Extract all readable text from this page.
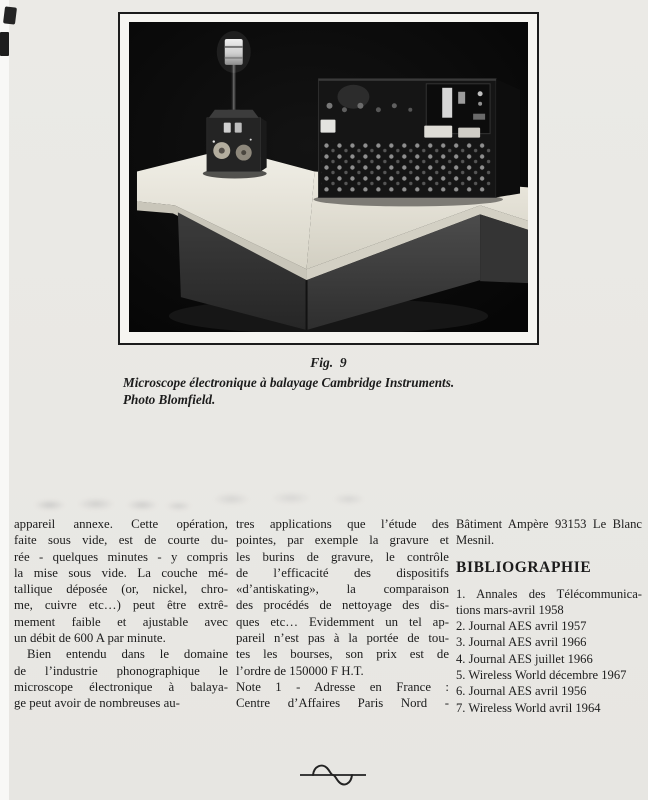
Fig.  9
Microscope électronique à balayage Cambridge Instruments.
Photo Blomfield.
appareil annexe. Cette opération,
faite sous vide, est de courte du-
rée - quelques minutes - y compris
la mise sous vide. La couche mé-
tallique déposée (or, nickel, chro-
me, cuivre etc…) peut être extrê-
mement faible et ajustable avec
un débit de 600 A par minute.
Bien entendu dans le domaine
de l’industrie phonographique le
microscope électronique à balaya-
ge peut avoir de nombreuses au-
tres applications que l’étude des
pointes, par exemple la gravure et
les burins de gravure, le contrôle
de l’efficacité des dispositifs
«d’antiskating», la comparaison
des procédés de nettoyage des dis-
ques etc… Evidemment un tel ap-
pareil n’est pas à la portée de tou-
tes les bourses, son prix est de
l’ordre de 150000 F H.T.
Note 1 - Adresse en France :
Centre d’Affaires Paris Nord -
Bâtiment Ampère 93153 Le Blanc
Mesnil.
BIBLIOGRAPHIE
1. Annales des Télécommunica-
tions mars-avril 1958
2. Journal AES avril 1957
3. Journal AES avril 1966
4. Journal AES juillet 1966
5. Wireless World décembre 1967
6. Journal AES avril 1956
7. Wireless World avril 1964
